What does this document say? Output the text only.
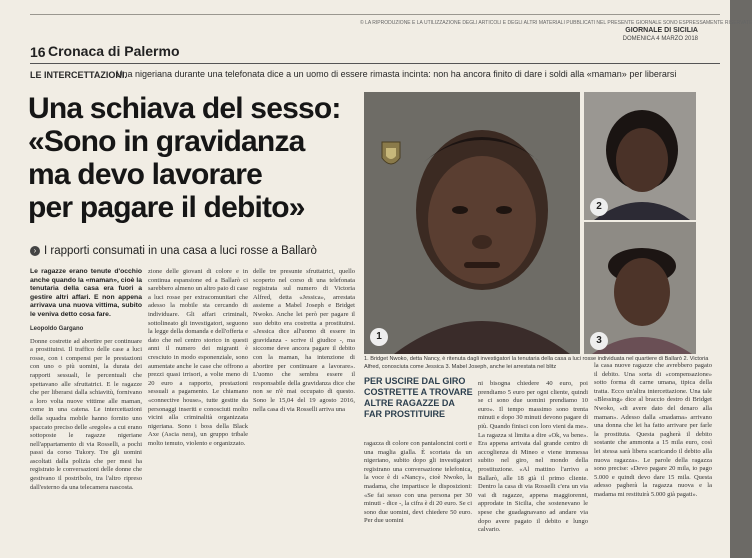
© LA RIPRODUZIONE E LA UTILIZZAZIONE DEGLI ARTICOLI E DEGLI ALTRI MATERIALI PUBBLICATI NEL PRESENTE GIORNALE SONO ESPRESSAMENTE RISERVATE
16 Cronaca di Palermo
GIORNALE DI SICILIA
DOMENICA 4 MARZO 2018
LE INTERCETTAZIONI.
Una nigeriana durante una telefonata dice a un uomo di essere rimasta incinta: non ha ancora finito di dare i soldi alla «maman» per liberarsi
Una schiava del sesso:
«Sono in gravidanza
ma devo lavorare
per pagare il debito»
› I rapporti consumati in una casa a luci rosse a Ballarò
Le ragazze erano tenute d'occhio anche quando la «maman», cioè la tenutaria della casa era fuori a gestire altri affari. E non appena arrivava una nuova vittima, subito le veniva detto cosa fare.
Leopoldo Gargano

Donne costrette ad abortire per continuare a prostituirsi. Il traffico delle case a luci rosse, con i compensi per le prestazioni con uno o più uomini, la durata dei rapporti sessuali, le percentuali che spettavano alle sfruttatrici. E le ragazze che per liberarsi dalla schiavitù, fornivano a loro volta nuove vittime alle maman, come in una catena. Le intercettazioni della squadra mobile hanno fornito uno spaccato preciso delle «regole» a cui erano sottoposte le ragazze nigeriane nell'appartamento di via Rosselli, a pochi passi da corso Tukory. Tre gli uomini ascoltati dalla polizia che per mesi ha registrato le conversazioni delle donne che gestivano il postribolo, tra l'altro ripreso dall'esterno da una telecamera nascosta.

zione delle giovani di colore e in continua espansione ed a Ballarò ci sarebbero almeno un altro paio di case a luci rosse per extracomunitari che adesso la mobile sta cercando di individuare. Gli affari criminali, sottolineato gli investigatori, seguono la legge della domanda e dell'offerta e dato che nel centro storico in questi anni il numero dei migranti è cresciuto in modo esponenziale, sono aumentate anche le case che offrono a prezzi quasi irrisori, a volte meno di 20 euro a rapporto, prestazioni sessuali a pagamento. Le chiamano «connective house», tutte gestite da personaggi inseriti e conosciuti molto vicini alla criminalità organizzata nigeriana. Sono i boss della Black Axe (Ascia nera), un gruppo tribale molto temuto, violento e organizzato.

delle tre presunte sfruttatrici, quello scoperto nel corso di una telefonata registrata sul numero di Victoria Alfred, detta «Jessica», arrestata assieme a Mabel Joseph e Bridget Nwoko. Anche lei però per pagare il suo debito era costretta a prostituirsi. «Jessica dice all'uomo di essere in gravidanza - scrive il giudice -, ma siccome deve ancora pagare il debito con la maman, ha intenzione di abortire per continuare a lavorare». L'uomo che sembra essere il responsabile della gravidanza dice che non se n'è mai occupato di questo. Sono le 15,04 del 19 agosto 2016, nella casa di via Rosselli arriva una

1
2
3
1. Bridget Nwoko, detta Nancy, è ritenuta dagli investigatori la tenutaria della casa a luci rosse individuata nel quartiere di Ballarò 2. Victoria Alfred, conosciuta come Jessica 3. Mabel Joseph, anche lei arrestata nel blitz
PER USCIRE DAL GIRO COSTRETTE A TROVARE ALTRE RAGAZZE DA FAR PROSTITUIRE

ragazza di colore con pantaloncini corti e una maglia gialla. È scortata da un nigeriano, subito dopo gli investigatori registrano una conversazione telefonica, la voce è di «Nancy», cioè Nwoko, la madama, che impartisce le disposizioni: «Se fai sesso con una persona per 30 minuti - dice -, la cifra è di 20 euro. Se ci sono due uomini, devi chiedere 50 euro. Per due uomini

ni bisogna chiedere 40 euro, poi prendiamo 5 euro per ogni cliente, quindi se ci sono due uomini prendiamo 10 euro». Il tempo massimo sono trenta minuti e dopo 30 minuti devono pagare di più. Quando finisci con loro vieni da me». La ragazza si limita a dire «Ok, va bene». Era appena arrivata dal grande centro di accoglienza di Mineo e viene immessa subito nel giro, nel mondo della prostituzione. «Al mattino l'arrivo a Ballarò, alle 18 già il primo cliente. Dentro la casa di via Rosselli c'era un via vai di ragazze, appena maggiorenni, approdate in Sicilia, che sostenevano le spese che guadagnavano ad andare via dopo avere pagato il debito e lungo calvario.

la casa nuove ragazze che avrebbero pagato il debito. Una sorta di «compensazione» sotto forma di carne umana, tipica della tratta. Ecco un'altra intercettazione. Una tale «Blessing» dice al braccio destro di Bridget Nwoko, «di avere dato del denaro alla maman». Adesso dalla «madama» arrivano una donna che lei ha fatto arrivare per farle la prostituta. Questa pagherà il debito sostante che ammonta a 15 mila euro, così lei stessa sarà libera scaricando il debito alla nuova ragazza». Le parole della ragazza sono precise: «Devo pagare 20 mila, io pago 5.000 e quindi devo dare 15 mila. Questa adesso pagherà la ragazza nuova e la madama mi restituirà 5.000 già pagati».
